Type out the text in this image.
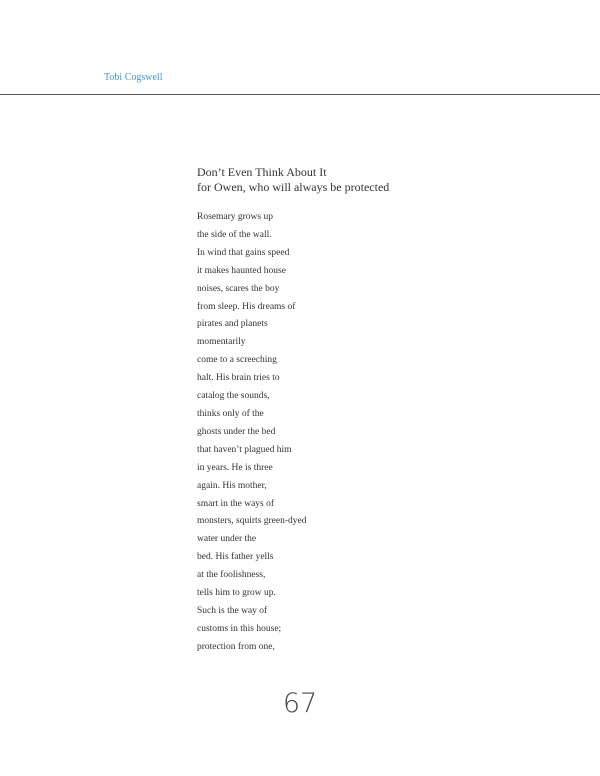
Tobi Cogswell
Don’t Even Think About It
for Owen, who will always be protected
Rosemary grows up
the side of the wall.
In wind that gains speed
it makes haunted house
noises, scares the boy
from sleep. His dreams of
pirates and planets
momentarily
come to a screeching
halt. His brain tries to
catalog the sounds,
thinks only of the
ghosts under the bed
that haven’t plagued him
in years. He is three
again. His mother,
smart in the ways of
monsters, squirts green-dyed
water under the
bed. His father yells
at the foolishness,
tells him to grow up.
Such is the way of
customs in this house;
protection from one,
67
